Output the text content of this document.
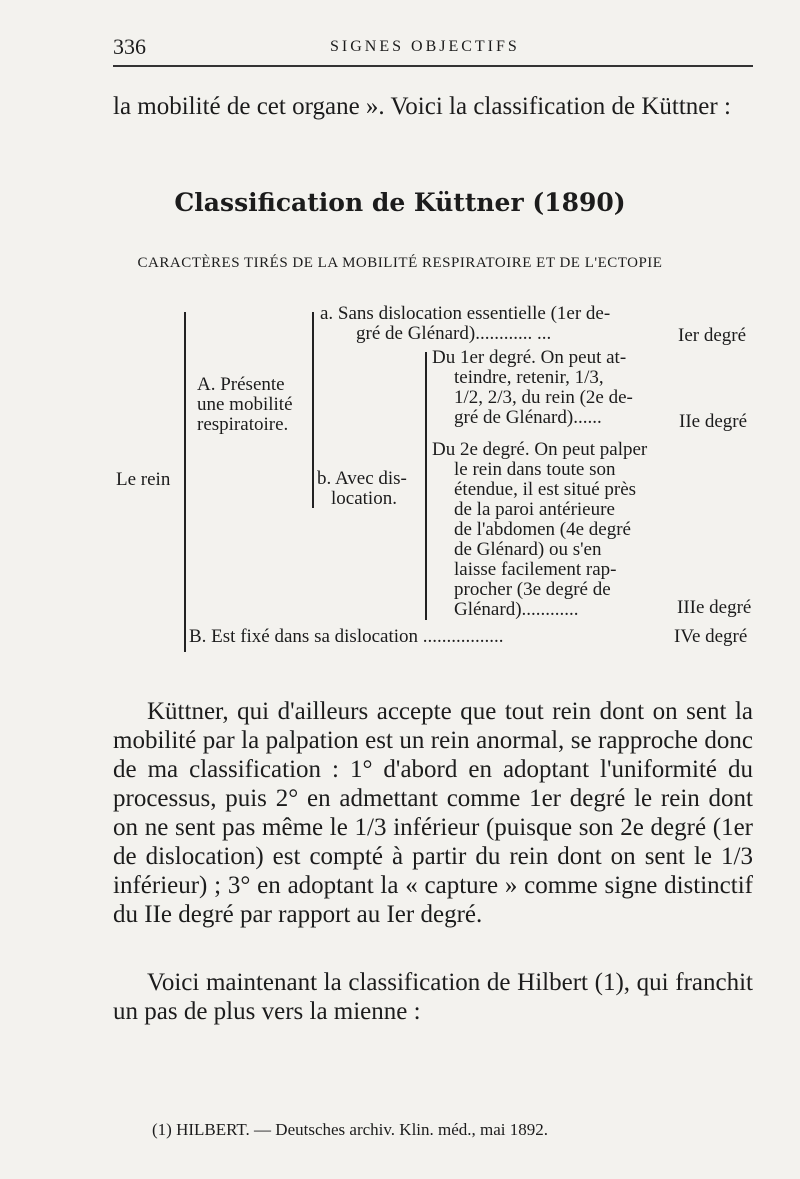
336	SIGNES OBJECTIFS
la mobilité de cet organe ». Voici la classification de Küttner :
Classification de Küttner (1890)
CARACTÈRES TIRÉS DE LA MOBILITÉ RESPIRATOIRE ET DE L'ECTOPIE
Le rein
A. Présente
une mobilité
respiratoire.
a. Sans dislocation essentielle (1er de-
gré de Glénard)............ ...	Ier degré
b. Avec dis-
location.
Du 1er degré. On peut at-
teindre, retenir, 1/3,
1/2, 2/3, du rein (2e de-
gré de Glénard)......	IIe degré
Du 2e degré. On peut palper
le rein dans toute son
étendue, il est situé près
de la paroi antérieure
de l'abdomen (4e degré
de Glénard) ou s'en
laisse facilement rap-
procher (3e degré de
Glénard)............	IIIe degré
B. Est fixé dans sa dislocation .................	IVe degré
Küttner, qui d'ailleurs accepte que tout rein dont on sent la mobilité par la palpation est un rein anormal, se rapproche donc de ma classification : 1° d'abord en adoptant l'uniformité du processus, puis 2° en admettant comme 1er degré le rein dont on ne sent pas même le 1/3 inférieur (puisque son 2e degré (1er de dislocation) est compté à partir du rein dont on sent le 1/3 inférieur) ; 3° en adoptant la « capture » comme signe distinctif du IIe degré par rapport au Ier degré.
Voici maintenant la classification de Hilbert (1), qui franchit un pas de plus vers la mienne :
(1) HILBERT. — Deutsches archiv. Klin. méd., mai 1892.
